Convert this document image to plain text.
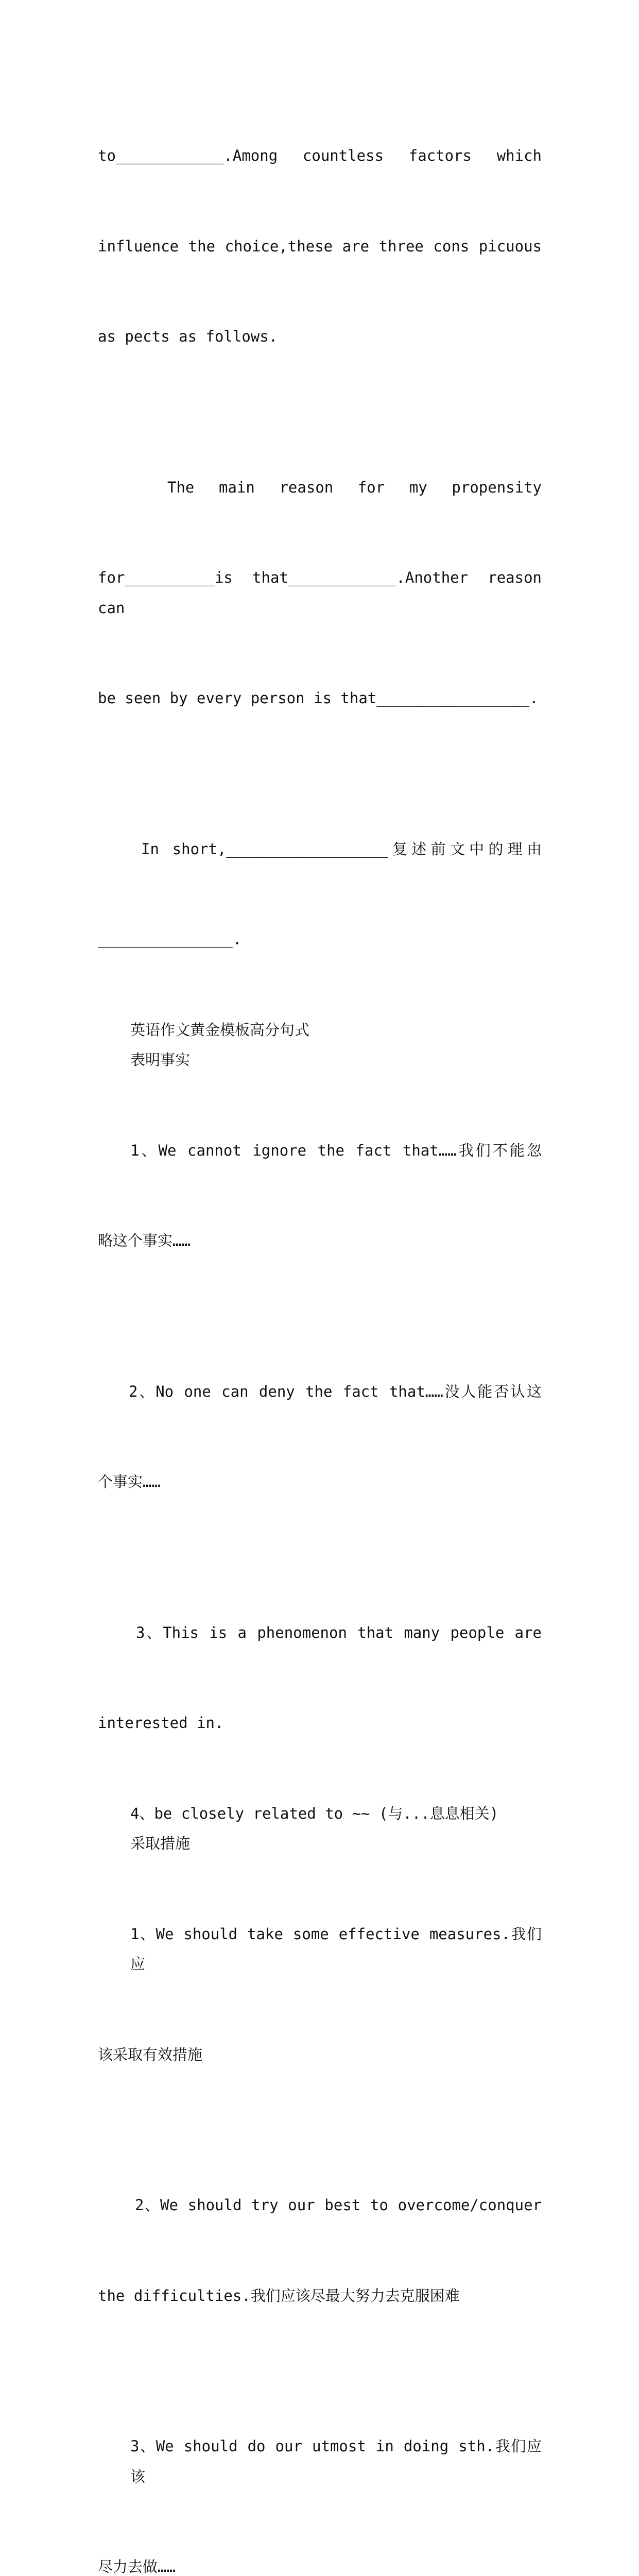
to____________.Among countless factors which

influence the choice,these are three cons picuous

as pects as follows.

The main reason for my propensity

for__________is that____________.Another reason can

be seen by every person is that_________________.

In short,__________________复述前文中的理由

_______________.

英语作文黄金模板高分句式
表明事实

1、We cannot ignore the fact that……我们不能忽

略这个事实……

2、No one can deny the fact that……没人能否认这

个事实……

3、This is a phenomenon that many people are

interested in.

4、be closely related to ~~ (与...息息相关)
采取措施

1、We should take some effective measures.我们应

该采取有效措施

2、We should try our best to overcome/conquer

the difficulties.我们应该尽最大努力去克服困难

3、We should do our utmost in doing sth.我们应该

尽力去做……
